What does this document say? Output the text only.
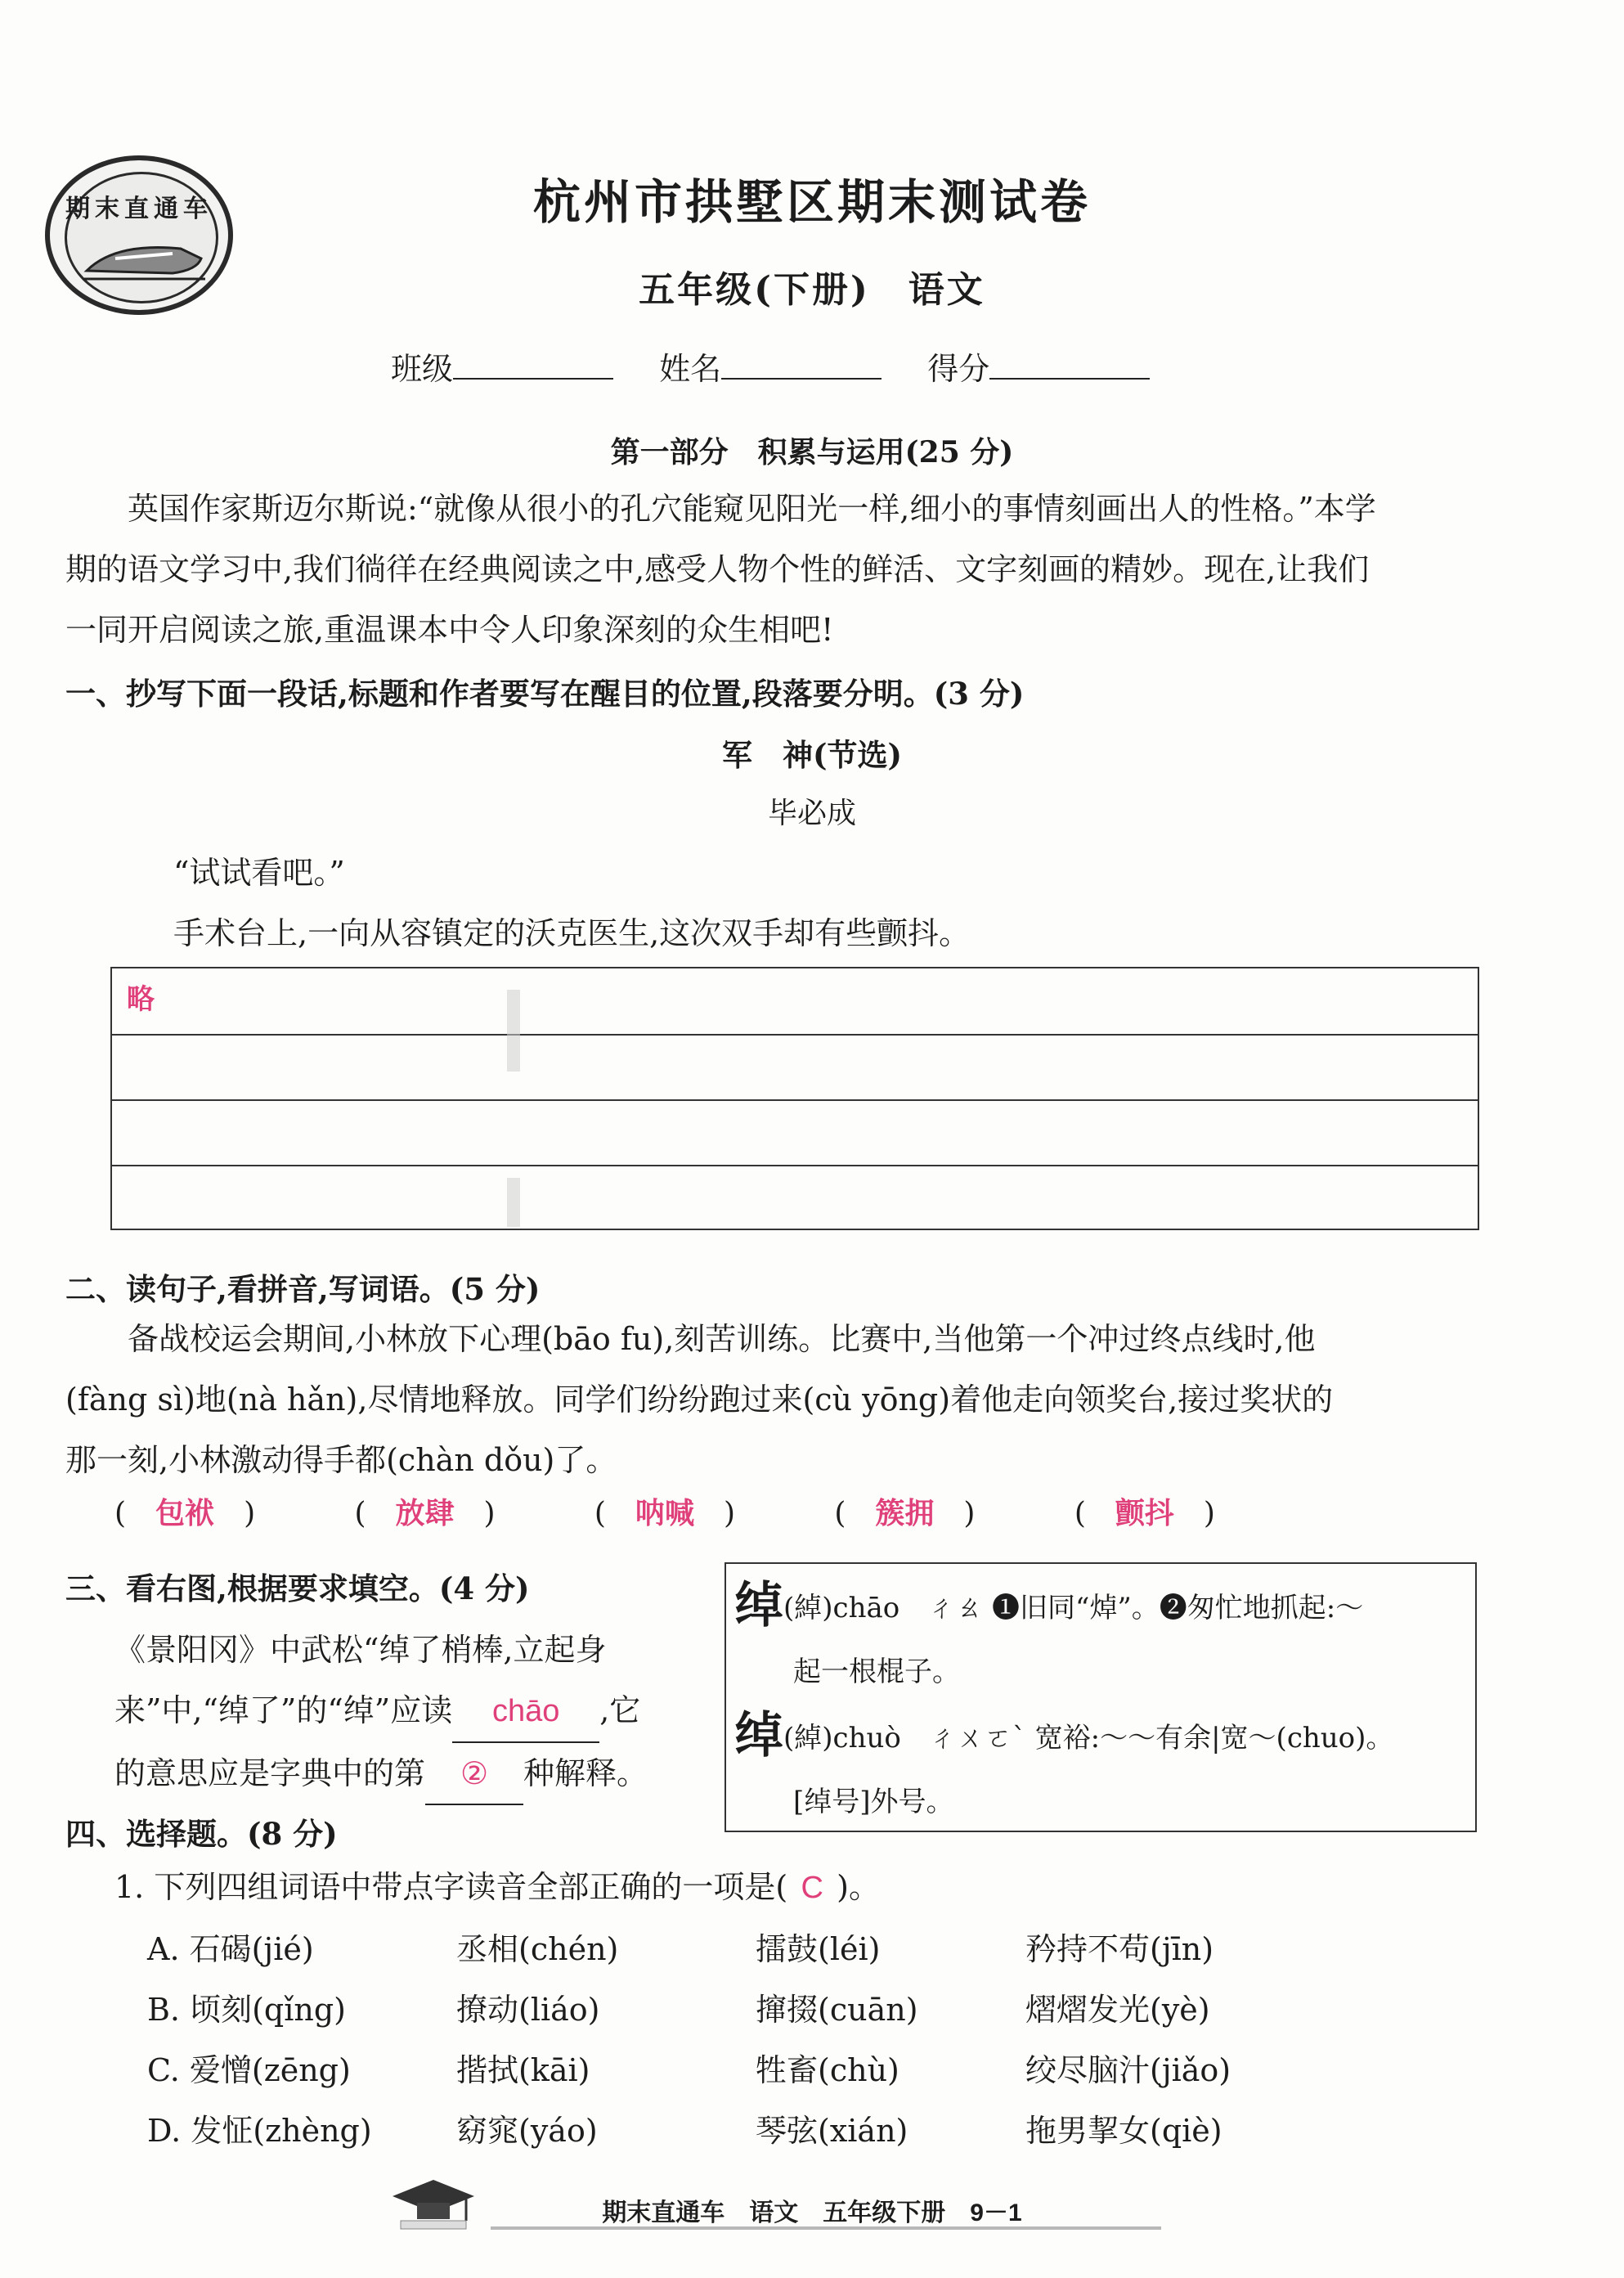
期末直通车	杭州市拱墅区期末测试卷
五年级(下册)　语文
班级	姓名	得分
第一部分　积累与运用(25 分)

英国作家斯迈尔斯说:“就像从很小的孔穴能窥见阳光一样,细小的事情刻画出人的性格。”本学

期的语文学习中,我们徜徉在经典阅读之中,感受人物个性的鲜活、文字刻画的精妙。现在,让我们

一同开启阅读之旅,重温课本中令人印象深刻的众生相吧!

一、抄写下面一段话,标题和作者要写在醒目的位置,段落要分明。(3 分)
军　神(节选)
毕必成

“试试看吧。”

手术台上,一向从容镇定的沃克医生,这次双手却有些颤抖。

略
二、读句子,看拼音,写词语。(5 分)

备战校运会期间,小林放下心理(bāo fu),刻苦训练。比赛中,当他第一个冲过终点线时,他

(fàng sì)地(nà hǎn),尽情地释放。同学们纷纷跑过来(cù yōng)着他走向领奖台,接过奖状的

那一刻,小林激动得手都(chàn dǒu)了。

(　包袱　)	(　放肆　)	(　呐喊　)	(　簇拥　)	(　颤抖　)
三、看右图,根据要求填空。(4 分)
《景阳冈》中武松“绰了梢棒,立起身
来”中,“绰了”的“绰”应读 chāo ,它
的意思应是字典中的第 ② 种解释。
绰(綽)chāo　ㄔㄠ ❶旧同“焯”。❷匆忙地抓起:～
起一根棍子。
绰(綽)chuò　ㄔㄨㄛˋ 宽裕:～～有余|宽～(chuo)。
[绰号]外号。
四、选择题。(8 分)
1. 下列四组词语中带点字读音全部正确的一项是( C )。
A. 石碣(jié)	丞相(chén)	擂鼓(léi)	矜持不苟(jīn)
B. 顷刻(qǐng)	撩动(liáo)	撺掇(cuān)	熠熠发光(yè)
C. 爱憎(zēng)	揩拭(kāi)	牲畜(chù)	绞尽脑汁(jiǎo)
D. 发怔(zhèng)	窈窕(yáo)	琴弦(xián)	拖男挈女(qiè)
期末直通车　语文　五年级下册　9－1
